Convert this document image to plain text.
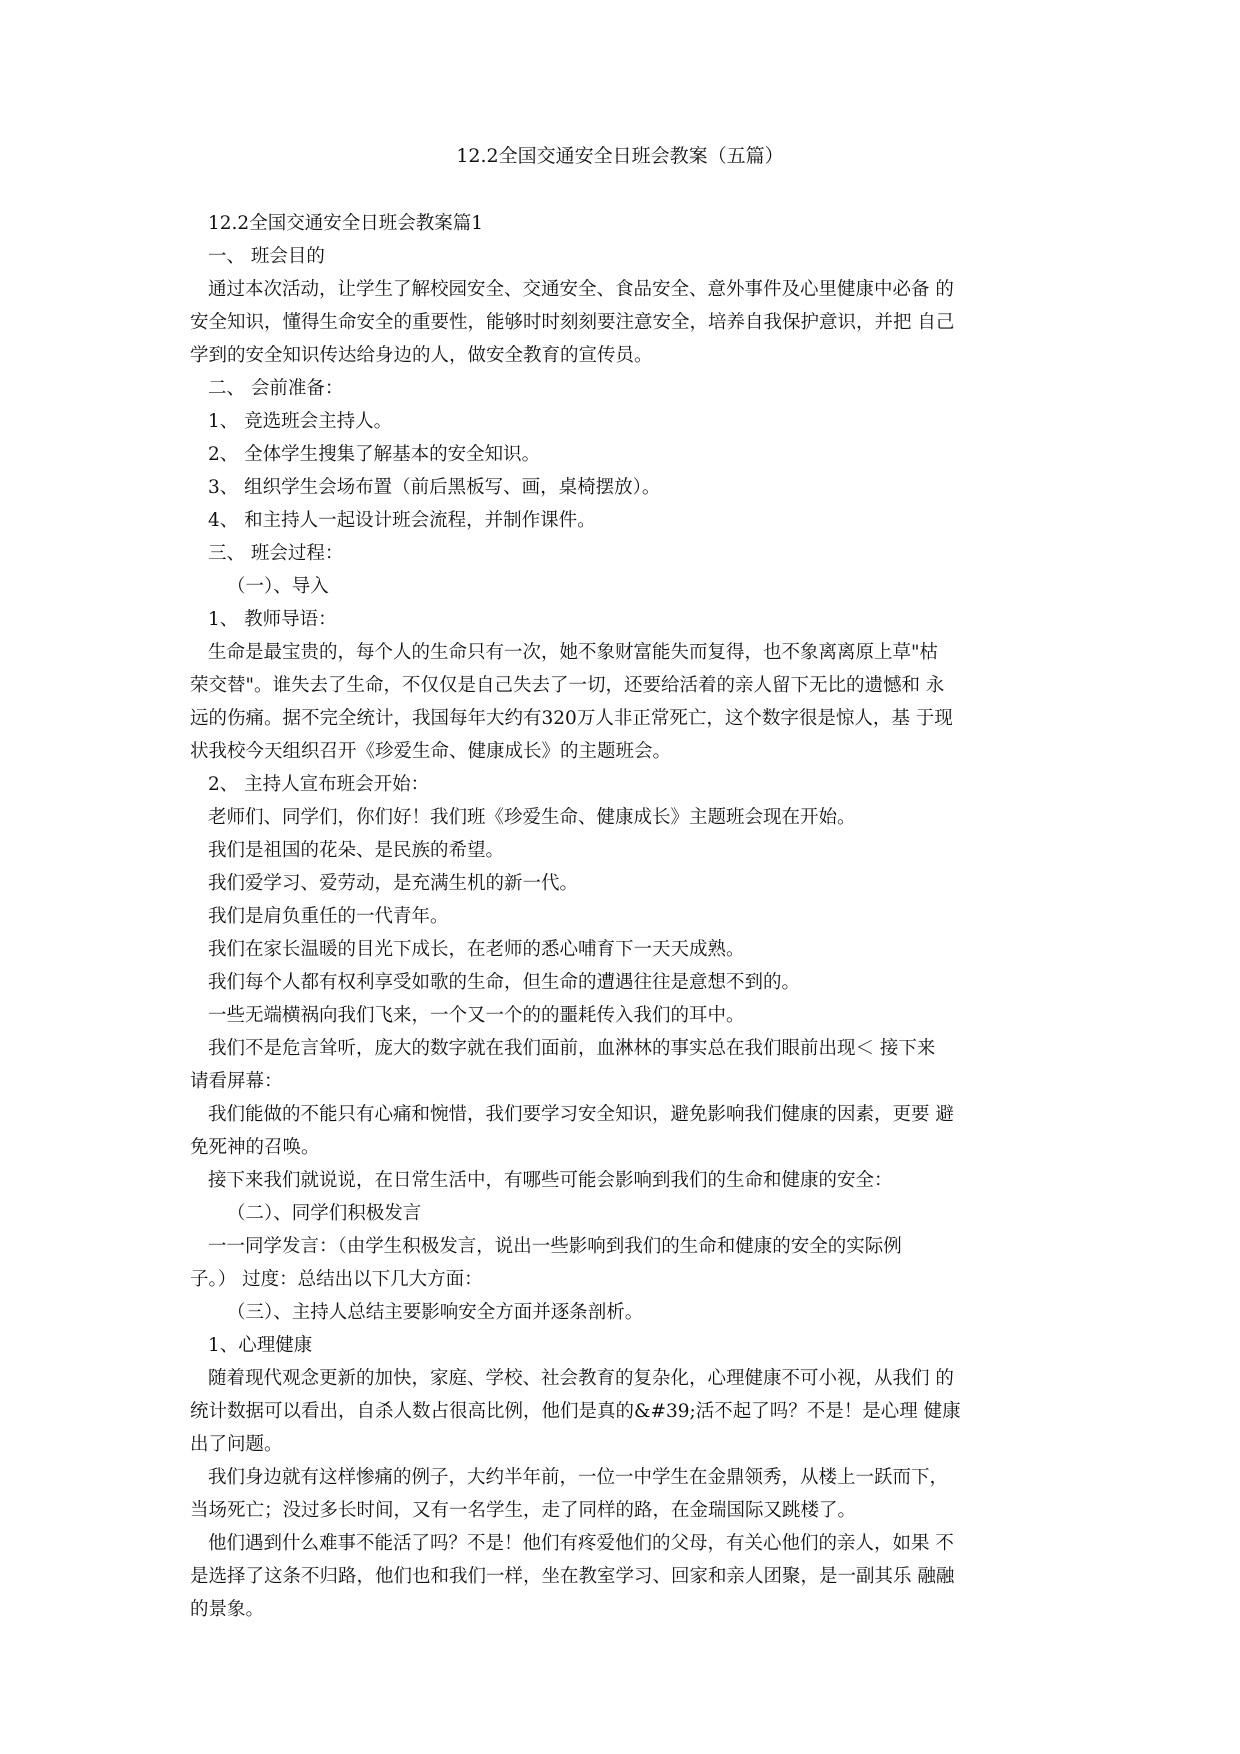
12.2全国交通安全日班会教案（五篇）
12.2全国交通安全日班会教案篇1
一、 班会目的
通过本次活动，让学生了解校园安全、交通安全、食品安全、意外事件及心里健康中必备 的
安全知识，懂得生命安全的重要性，能够时时刻刻要注意安全，培养自我保护意识，并把 自己
学到的安全知识传达给身边的人，做安全教育的宣传员。
二、 会前准备：
1、 竞选班会主持人。
2、 全体学生搜集了解基本的安全知识。
3、 组织学生会场布置（前后黑板写、画，桌椅摆放）。
4、 和主持人一起设计班会流程，并制作课件。
三、 班会过程：
（一）、导入
1、 教师导语：
生命是最宝贵的，每个人的生命只有一次，她不象财富能失而复得，也不象离离原上草"枯
荣交替"。谁失去了生命，不仅仅是自己失去了一切，还要给活着的亲人留下无比的遗憾和 永
远的伤痛。据不完全统计，我国每年大约有320万人非正常死亡，这个数字很是惊人，基 于现
状我校今天组织召开《珍爱生命、健康成长》的主题班会。
2、 主持人宣布班会开始：
老师们、同学们，你们好！我们班《珍爱生命、健康成长》主题班会现在开始。
我们是祖国的花朵、是民族的希望。
我们爱学习、爱劳动，是充满生机的新一代。
我们是肩负重任的一代青年。
我们在家长温暖的目光下成长，在老师的悉心哺育下一天天成熟。
我们每个人都有权利享受如歌的生命，但生命的遭遇往往是意想不到的。
一些无端横祸向我们飞来，一个又一个的的噩耗传入我们的耳中。
我们不是危言耸听，庞大的数字就在我们面前，血淋林的事实总在我们眼前出现＜ 接下来
请看屏幕：
我们能做的不能只有心痛和惋惜，我们要学习安全知识，避免影响我们健康的因素，更要 避
免死神的召唤。
接下来我们就说说，在日常生活中，有哪些可能会影响到我们的生命和健康的安全：
（二）、同学们积极发言
一一同学发言：（由学生积极发言，说出一些影响到我们的生命和健康的安全的实际例
子。） 过度：总结出以下几大方面：
（三）、主持人总结主要影响安全方面并逐条剖析。
1、心理健康
随着现代观念更新的加快，家庭、学校、社会教育的复杂化，心理健康不可小视，从我们 的
统计数据可以看出，自杀人数占很高比例，他们是真的&#39;活不起了吗？不是！是心理 健康
出了问题。
我们身边就有这样惨痛的例子，大约半年前，一位一中学生在金鼎领秀，从楼上一跃而下，
当场死亡；没过多长时间，又有一名学生，走了同样的路，在金瑞国际又跳楼了。
他们遇到什么难事不能活了吗？不是！他们有疼爱他们的父母，有关心他们的亲人，如果 不
是选择了这条不归路，他们也和我们一样，坐在教室学习、回家和亲人团聚，是一副其乐 融融
的景象。
